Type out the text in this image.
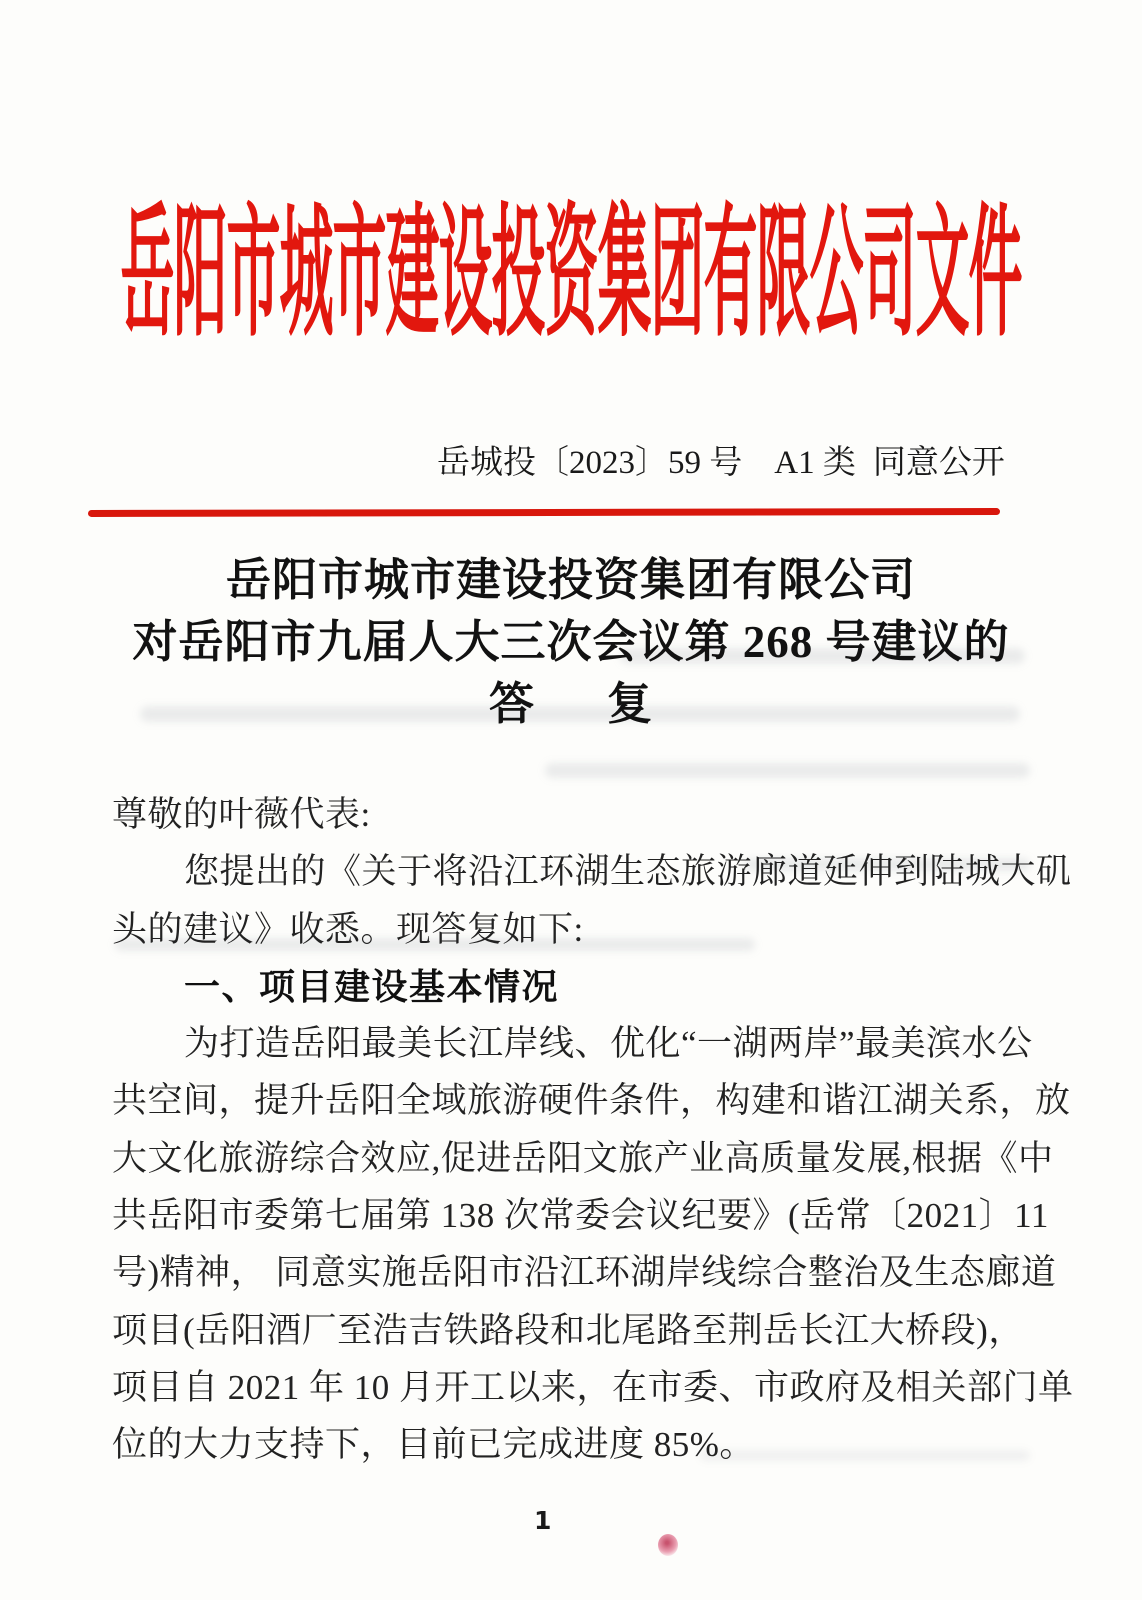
岳阳市城市建设投资集团有限公司文件
岳城投〔2023〕59 号 A1 类 同意公开
岳阳市城市建设投资集团有限公司
对岳阳市九届人大三次会议第 268 号建议的
答 复
尊敬的叶薇代表:
您提出的《关于将沿江环湖生态旅游廊道延伸到陆城大矶
头的建议》收悉。现答复如下:
一、项目建设基本情况
为打造岳阳最美长江岸线、优化“一湖两岸”最美滨水公
共空间，提升岳阳全域旅游硬件条件，构建和谐江湖关系，放
大文化旅游综合效应,促进岳阳文旅产业高质量发展,根据《中
共岳阳市委第七届第 138 次常委会议纪要》(岳常〔2021〕11
号)精神， 同意实施岳阳市沿江环湖岸线综合整治及生态廊道
项目(岳阳酒厂至浩吉铁路段和北尾路至荆岳长江大桥段)，
项目自 2021 年 10 月开工以来，在市委、市政府及相关部门单
位的大力支持下，目前已完成进度 85%。
1
